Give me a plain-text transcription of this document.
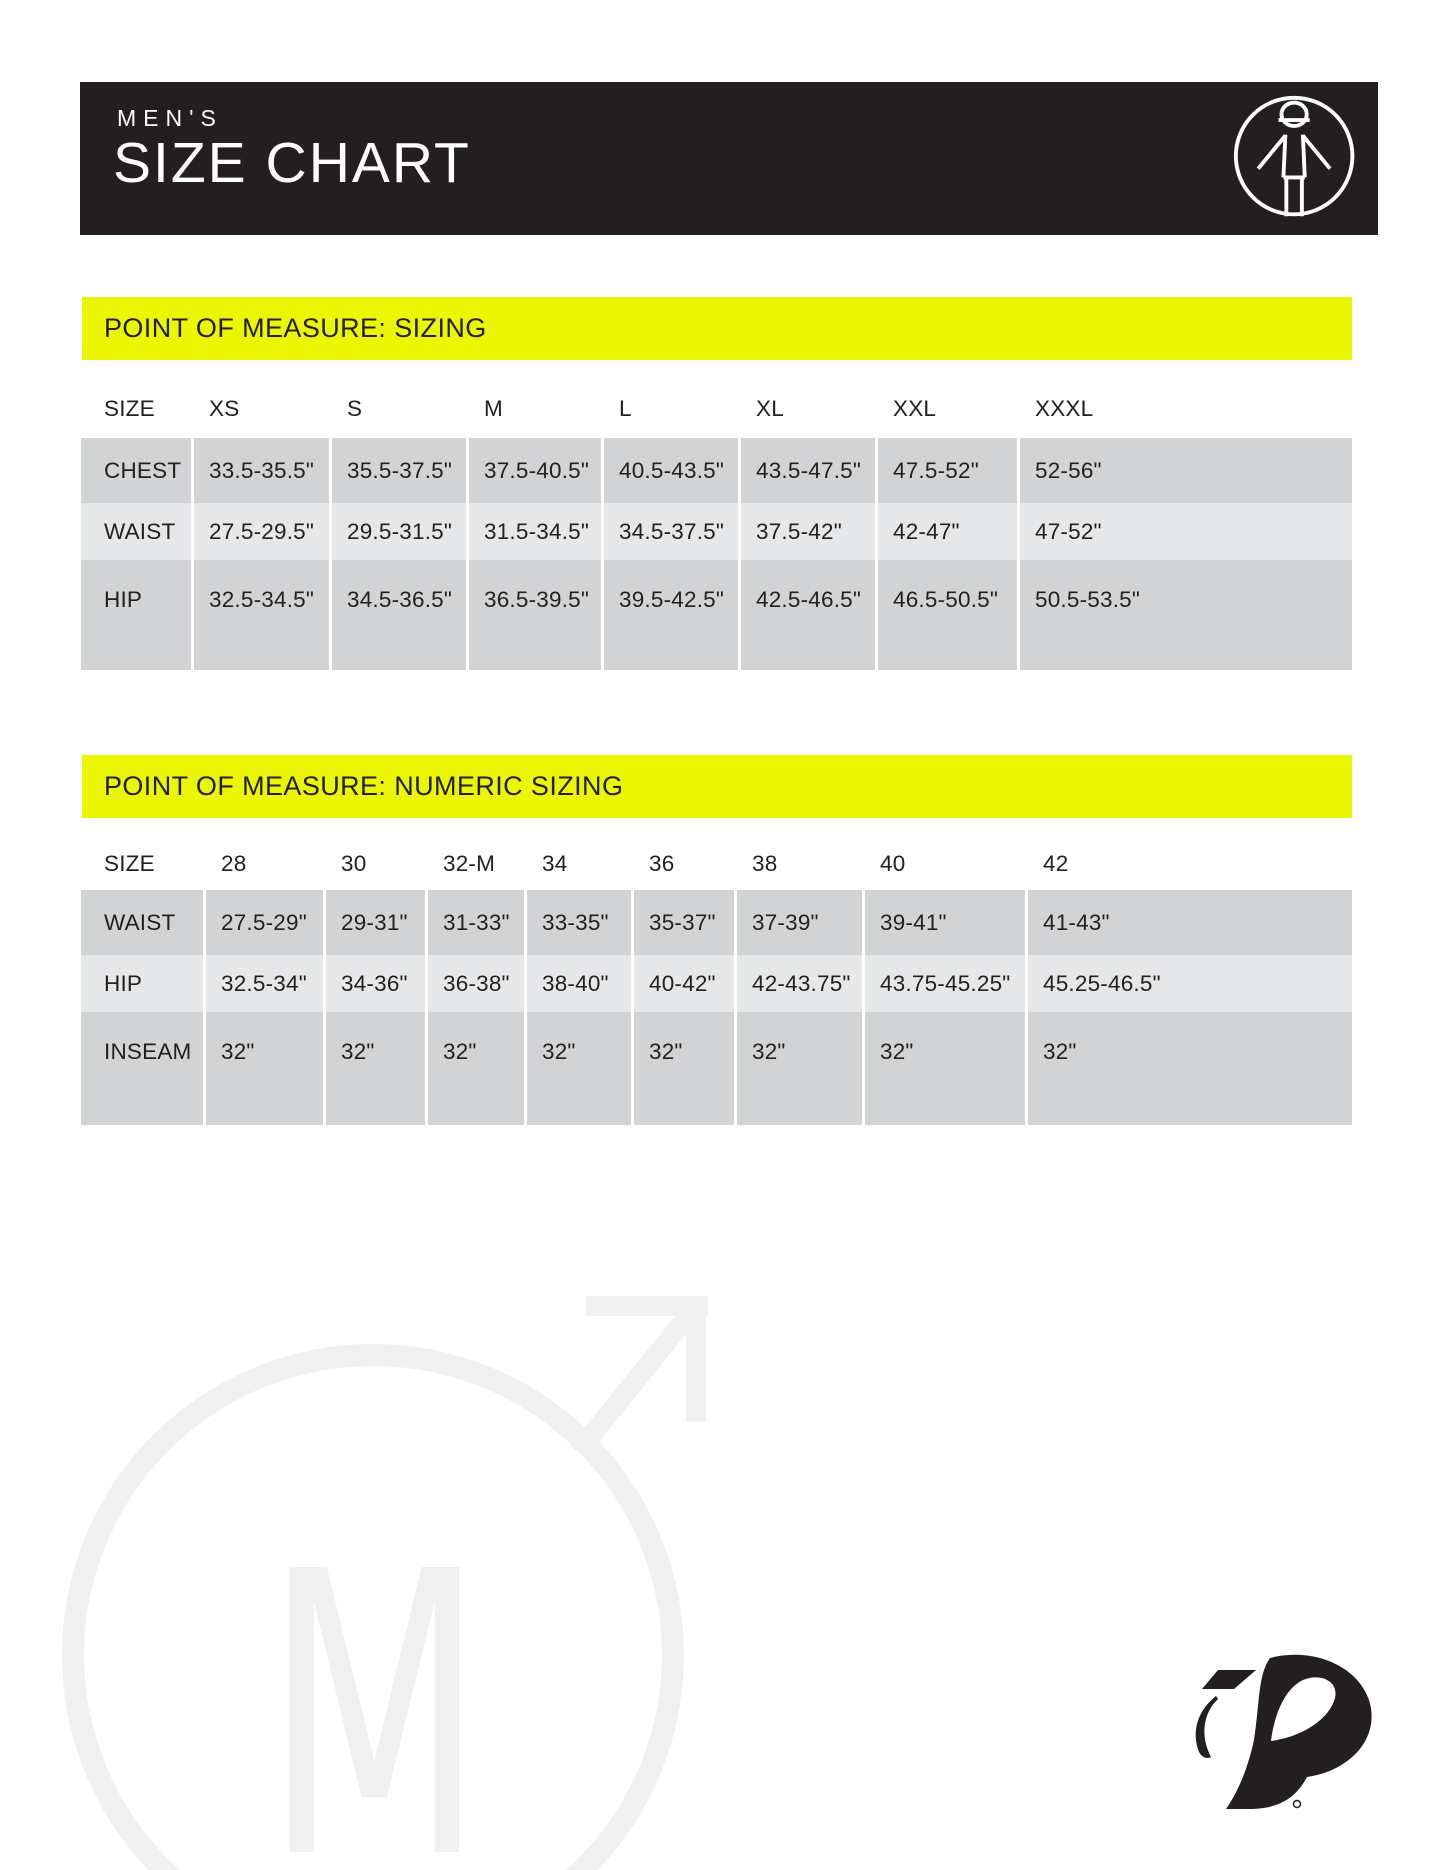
MEN'S
SIZE CHART
POINT OF MEASURE: SIZING
SIZE	XS	S	M	L	XL	XXL	XXXL
CHEST	33.5-35.5"	35.5-37.5"	37.5-40.5"	40.5-43.5"	43.5-47.5"	47.5-52"	52-56"
WAIST	27.5-29.5"	29.5-31.5"	31.5-34.5"	34.5-37.5"	37.5-42"	42-47"	47-52"
HIP	32.5-34.5"	34.5-36.5"	36.5-39.5"	39.5-42.5"	42.5-46.5"	46.5-50.5"	50.5-53.5"
POINT OF MEASURE: NUMERIC SIZING
SIZE	28	30	32-M	34	36	38	40	42
WAIST	27.5-29"	29-31"	31-33"	33-35"	35-37"	37-39"	39-41"	41-43"
HIP	32.5-34"	34-36"	36-38"	38-40"	40-42"	42-43.75"	43.75-45.25"	45.25-46.5"
INSEAM	32"	32"	32"	32"	32"	32"	32"	32"
M
